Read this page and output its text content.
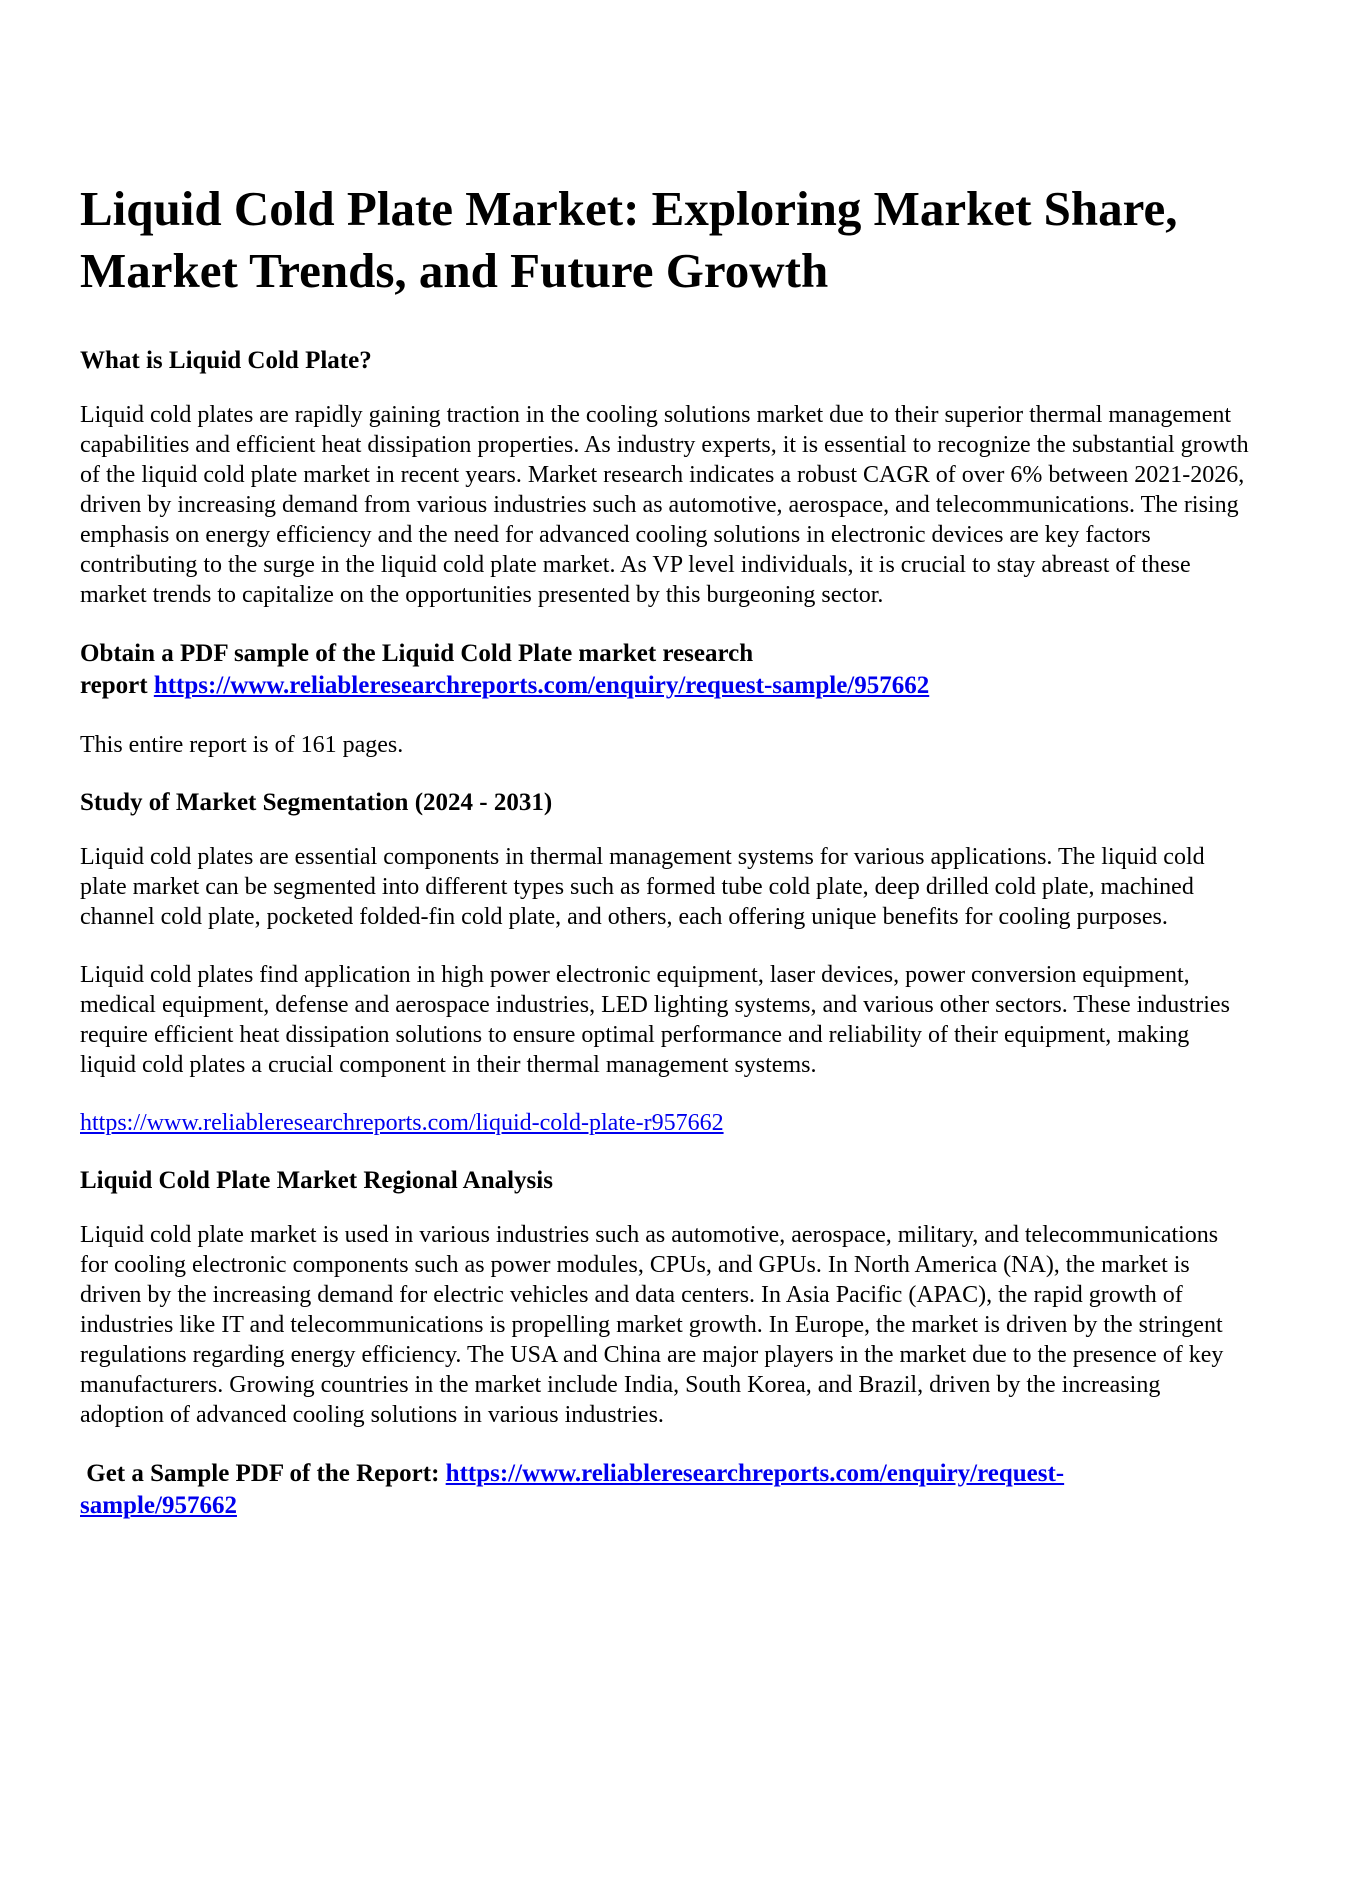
Liquid Cold Plate Market: Exploring Market Share, Market Trends, and Future Growth
What is Liquid Cold Plate?

Liquid cold plates are rapidly gaining traction in the cooling solutions market due to their superior thermal management capabilities and efficient heat dissipation properties. As industry experts, it is essential to recognize the substantial growth of the liquid cold plate market in recent years. Market research indicates a robust CAGR of over 6% between 2021-2026, driven by increasing demand from various industries such as automotive, aerospace, and telecommunications. The rising emphasis on energy efficiency and the need for advanced cooling solutions in electronic devices are key factors contributing to the surge in the liquid cold plate market. As VP level individuals, it is crucial to stay abreast of these market trends to capitalize on the opportunities presented by this burgeoning sector.

Obtain a PDF sample of the Liquid Cold Plate market research
report https://www.reliableresearchreports.com/enquiry/request-sample/957662

This entire report is of 161 pages.

Study of Market Segmentation (2024 - 2031)

Liquid cold plates are essential components in thermal management systems for various applications. The liquid cold plate market can be segmented into different types such as formed tube cold plate, deep drilled cold plate, machined channel cold plate, pocketed folded-fin cold plate, and others, each offering unique benefits for cooling purposes.

Liquid cold plates find application in high power electronic equipment, laser devices, power conversion equipment, medical equipment, defense and aerospace industries, LED lighting systems, and various other sectors. These industries require efficient heat dissipation solutions to ensure optimal performance and reliability of their equipment, making liquid cold plates a crucial component in their thermal management systems.

https://www.reliableresearchreports.com/liquid-cold-plate-r957662

Liquid Cold Plate Market Regional Analysis

Liquid cold plate market is used in various industries such as automotive, aerospace, military, and telecommunications for cooling electronic components such as power modules, CPUs, and GPUs. In North America (NA), the market is driven by the increasing demand for electric vehicles and data centers. In Asia Pacific (APAC), the rapid growth of industries like IT and telecommunications is propelling market growth. In Europe, the market is driven by the stringent regulations regarding energy efficiency. The USA and China are major players in the market due to the presence of key manufacturers. Growing countries in the market include India, South Korea, and Brazil, driven by the increasing adoption of advanced cooling solutions in various industries.

Get a Sample PDF of the Report: https://www.reliableresearchreports.com/enquiry/request-
sample/957662
